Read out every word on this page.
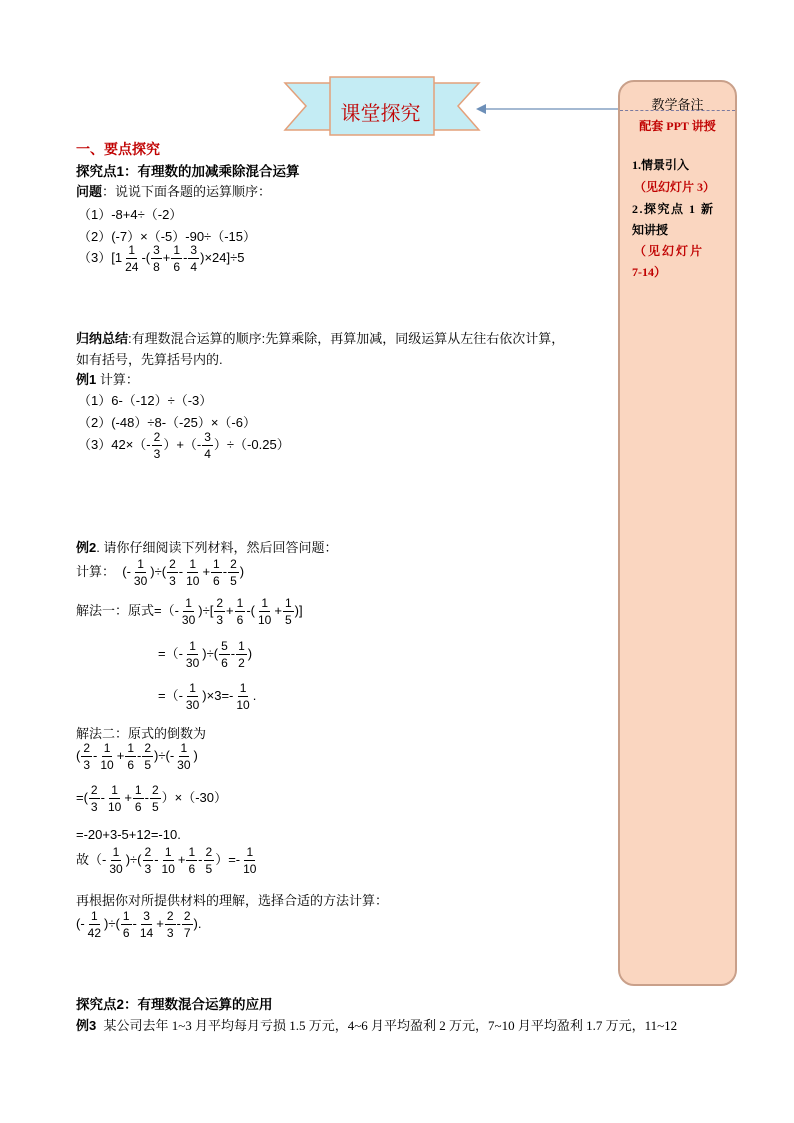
课堂探究	教学备注
配套 PPT 讲授
1.情景引入
（见幻灯片 3）
2.探究点 1 新
知讲授
（见幻灯片
7-14）
一、要点探究
探究点1：有理数的加减乘除混合运算
问题：说说下面各题的运算顺序：
（1）-8+4÷（-2）
（2）(-7）×（-5）-90÷（-15）
$(3)[1 \frac{1}{24}$ -( $\frac{3}{8} + \frac{1}{6} - \frac{3}{4} )\times 24]\div 5$
归纳总结:有理数混合运算的顺序:先算乘除，再算加减，同级运算从左往右依次计算，
如有括号，先算括号内的.
例1 计算：
（1）6-（-12）÷（-3）
（2）(-48）÷8-（-25）×（-6）
$(3)42\times(- \frac{2}{3}$ ）+（- $\frac{3}{4} )\div(-0.25)$
例2. 请你仔细阅读下列材料，然后回答问题：
计算：  (- $\frac{1}{30}$ )÷( $\frac{2}{3} - \frac{1}{10} + \frac{1}{6} - \frac{2}{5}$ )
解法一：原式=（- $\frac{1}{30}$ )÷[ $\frac{2}{3} + \frac{1}{6}$ -( $\frac{1}{10} + \frac{1}{5}$ )]
=（- $\frac{1}{30}$ )÷( $\frac{5}{6} - \frac{1}{2}$ )
=（- $\frac{1}{30} )\times 3=- \frac{1}{10}$ .
解法二：原式的倒数为
( $\frac{2}{3} - \frac{1}{10} + \frac{1}{6} - \frac{2}{5}$ )÷(- $\frac{1}{30}$ )
=( $\frac{2}{3} - \frac{1}{10} + \frac{1}{6} - \frac{2}{5} )\times(-30)$
=-20+3-5+12=-10.
故（- $\frac{1}{30}$ )÷( $\frac{2}{3} - \frac{1}{10} + \frac{1}{6} - \frac{2}{5}$ ）=- $\frac{1}{10}$
再根据你对所提供材料的理解，选择合适的方法计算：
(- $\frac{1}{42}$ )÷( $\frac{1}{6} - \frac{3}{14} + \frac{2}{3} - \frac{2}{7}$ ).
探究点2：有理数混合运算的应用
例3 某公司去年 1~3 月平均每月亏损 1.5 万元，4~6 月平均盈利 2 万元，7~10 月平均盈利 1.7 万元，11~12
